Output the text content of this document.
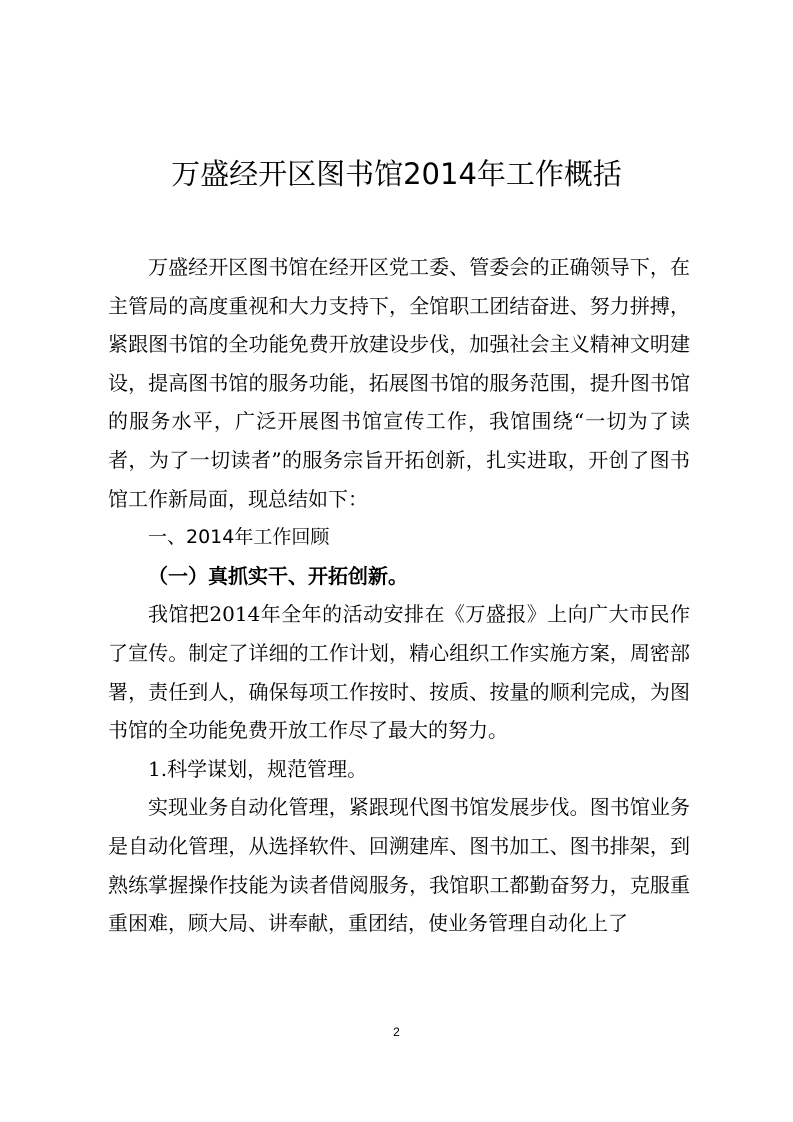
万盛经开区图书馆2014年工作概括

万盛经开区图书馆在经开区党工委、管委会的正确领导下，在主管局的高度重视和大力支持下，全馆职工团结奋进、努力拼搏，紧跟图书馆的全功能免费开放建设步伐，加强社会主义精神文明建设，提高图书馆的服务功能，拓展图书馆的服务范围，提升图书馆的服务水平，广泛开展图书馆宣传工作，我馆围绕“一切为了读者，为了一切读者”的服务宗旨开拓创新，扎实进取，开创了图书馆工作新局面，现总结如下：

一、2014年工作回顾

（一）真抓实干、开拓创新。

我馆把2014年全年的活动安排在《万盛报》上向广大市民作了宣传。制定了详细的工作计划，精心组织工作实施方案，周密部署，责任到人，确保每项工作按时、按质、按量的顺利完成，为图书馆的全功能免费开放工作尽了最大的努力。

1.科学谋划，规范管理。

实现业务自动化管理，紧跟现代图书馆发展步伐。图书馆业务是自动化管理，从选择软件、回溯建库、图书加工、图书排架，到熟练掌握操作技能为读者借阅服务，我馆职工都勤奋努力，克服重重困难，顾大局、讲奉献，重团结，使业务管理自动化上了

2
